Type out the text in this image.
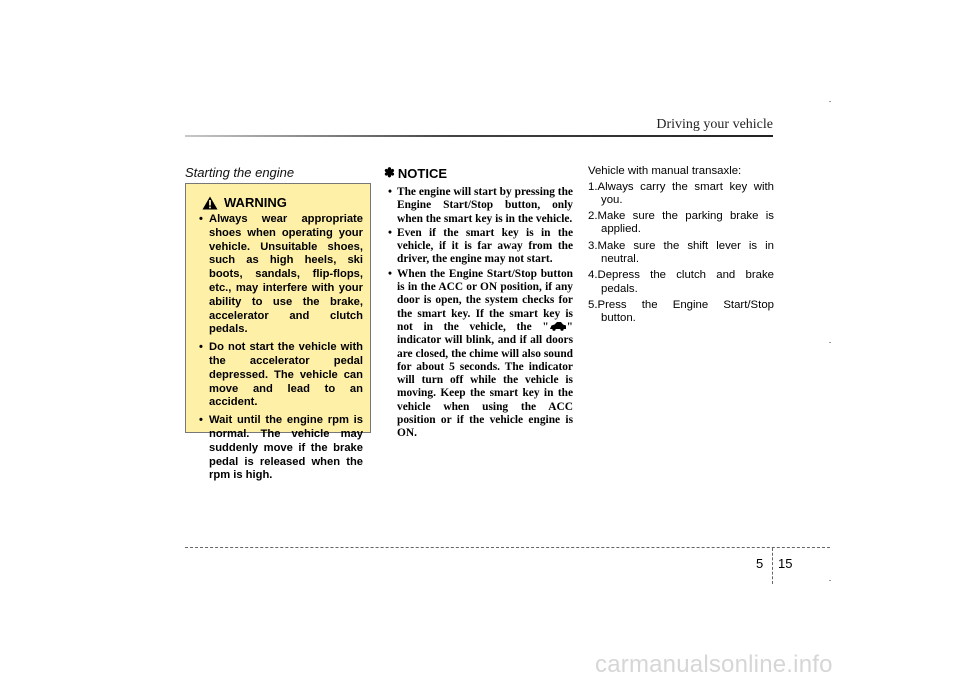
Driving your vehicle
Starting the engine
WARNING
• Always wear appropriate shoes when operating your vehicle. Unsuitable shoes, such as high heels, ski boots, sandals, flip-flops, etc., may interfere with your ability to use the brake, accelerator and clutch pedals.
• Do not start the vehicle with the accelerator pedal depressed. The vehicle can move and lead to an accident.
• Wait until the engine rpm is normal. The vehicle may suddenly move if the brake pedal is released when the rpm is high.
✽ NOTICE
• The engine will start by pressing the Engine Start/Stop button, only when the smart key is in the vehicle.
• Even if the smart key is in the vehicle, if it is far away from the driver, the engine may not start.
• When the Engine Start/Stop button is in the ACC or ON position, if any door is open, the system checks for the smart key. If the smart key is not in the vehicle, the " " indicator will blink, and if all doors are closed, the chime will also sound for about 5 seconds. The indicator will turn off while the vehicle is moving. Keep the smart key in the vehicle when using the ACC position or if the vehicle engine is ON.
Vehicle with manual transaxle:
1.Always carry the smart key with you.
2.Make sure the parking brake is applied.
3.Make sure the shift lever is in neutral.
4.Depress the clutch and brake pedals.
5.Press the Engine Start/Stop button.
5 15
carmanualsonline.info
